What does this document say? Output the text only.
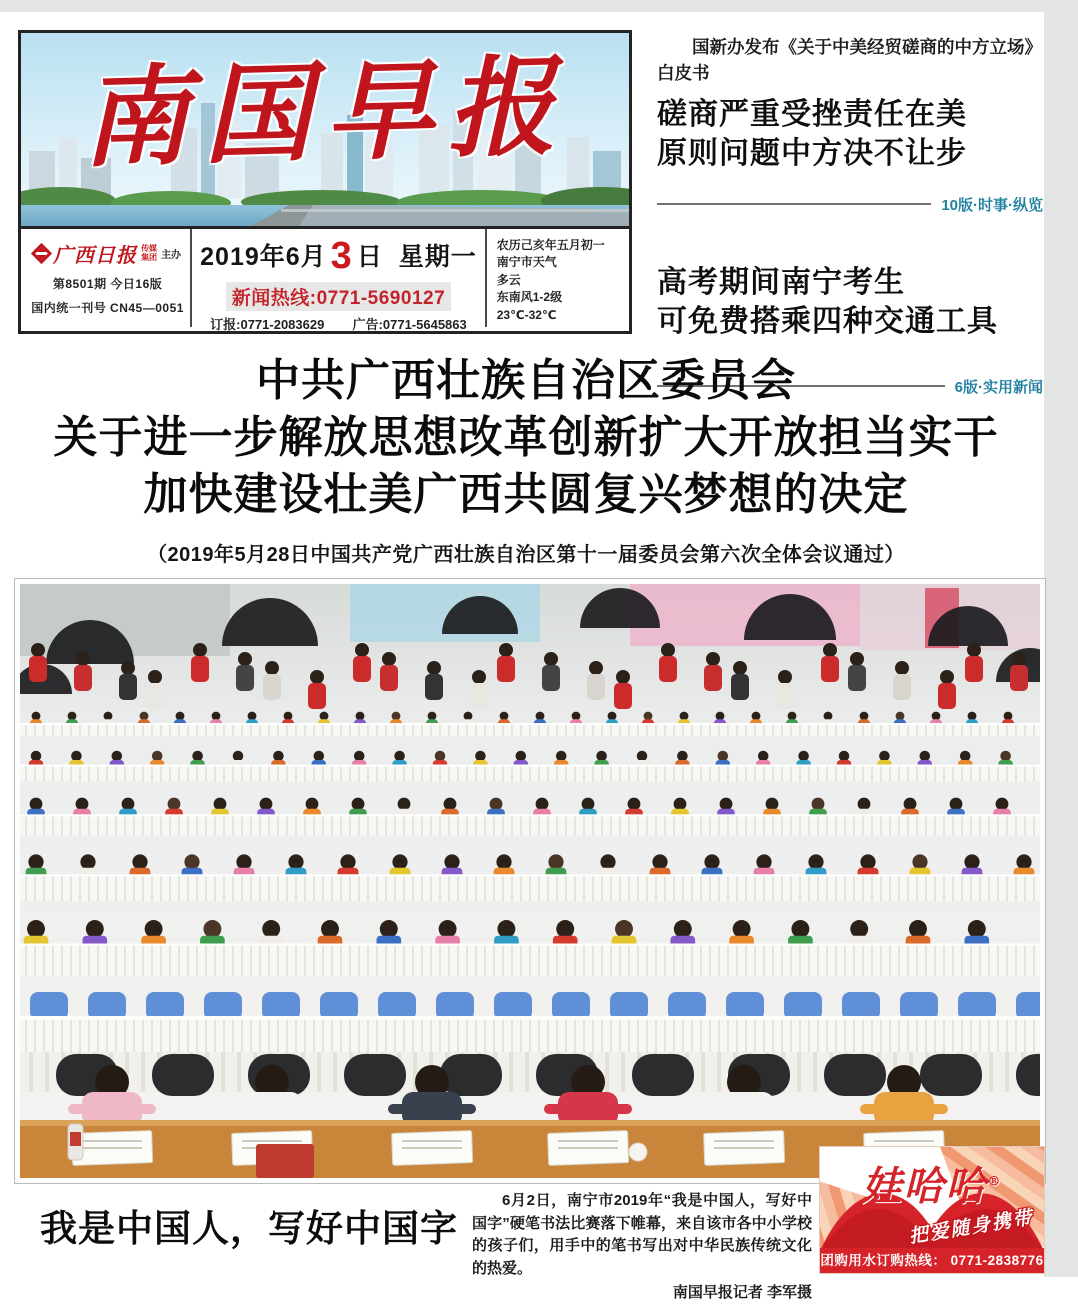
南国早报
广西日报 传媒
集团 主办
第8501期 今日16版
国内统一刊号 CN45—0051
2019年6月 3 日 星期一
新闻热线:0771-5690127
订报:0771-2083629 广告:0771-5645863
农历己亥年五月初一
南宁市天气
多云
东南风1-2级
23℃-32℃

国新办发布《关于中美经贸磋商的中方立场》白皮书

磋商严重受挫责任在美
原则问题中方决不让步
10版·时事·纵览
高考期间南宁考生
可免费搭乘四种交通工具
6版·实用新闻
中共广西壮族自治区委员会
关于进一步解放思想改革创新扩大开放担当实干
加快建设壮美广西共圆复兴梦想的决定
（2019年5月28日中国共产党广西壮族自治区第十一届委员会第六次全体会议通过）
我是中国人，写好中国字
6月2日，南宁市2019年“我是中国人，写好中国字”硬笔书法比赛落下帷幕，来自该市各中小学校的孩子们，用手中的笔书写出对中华民族传统文化的热爱。
南国早报记者 李军摄
娃哈哈®
把爱随身携带
团购用水订购热线： 0771-2838776
